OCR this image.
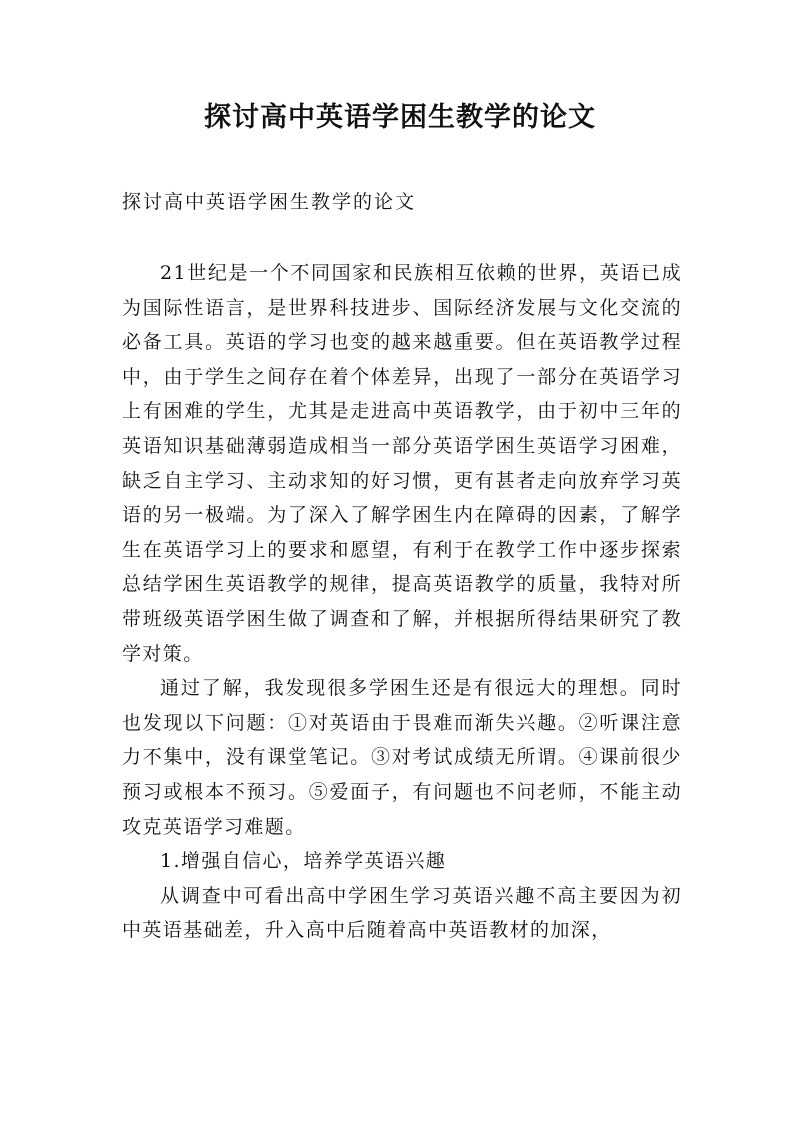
探讨高中英语学困生教学的论文

探讨高中英语学困生教学的论文

21世纪是一个不同国家和民族相互依赖的世界，英语已成为国际性语言，是世界科技进步、国际经济发展与文化交流的必备工具。英语的学习也变的越来越重要。但在英语教学过程中，由于学生之间存在着个体差异，出现了一部分在英语学习上有困难的学生，尤其是走进高中英语教学，由于初中三年的英语知识基础薄弱造成相当一部分英语学困生英语学习困难，缺乏自主学习、主动求知的好习惯，更有甚者走向放弃学习英语的另一极端。为了深入了解学困生内在障碍的因素，了解学生在英语学习上的要求和愿望，有利于在教学工作中逐步探索总结学困生英语教学的规律，提高英语教学的质量，我特对所带班级英语学困生做了调查和了解，并根据所得结果研究了教学对策。

通过了解，我发现很多学困生还是有很远大的理想。同时也发现以下问题：①对英语由于畏难而渐失兴趣。②听课注意力不集中，没有课堂笔记。③对考试成绩无所谓。④课前很少预习或根本不预习。⑤爱面子，有问题也不问老师，不能主动攻克英语学习难题。

1.增强自信心，培养学英语兴趣

从调查中可看出高中学困生学习英语兴趣不高主要因为初中英语基础差，升入高中后随着高中英语教材的加深，
